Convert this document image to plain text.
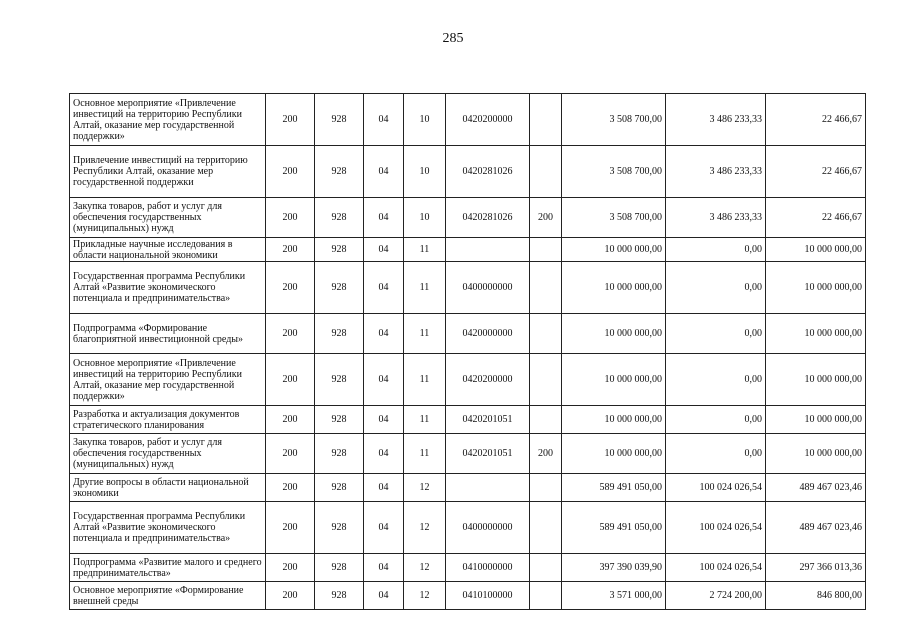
285
Основное мероприятие «Привлечение инвестиций на территорию Республики Алтай, оказание мер государственной поддержки»	200	928	04	10	0420200000		3 508 700,00	3 486 233,33	22 466,67
Привлечение инвестиций на территорию Республики Алтай, оказание мер государственной поддержки	200	928	04	10	0420281026		3 508 700,00	3 486 233,33	22 466,67
Закупка товаров, работ и услуг для обеспечения государственных (муниципальных) нужд	200	928	04	10	0420281026	200	3 508 700,00	3 486 233,33	22 466,67
Прикладные научные исследования в области национальной экономики	200	928	04	11			10 000 000,00	0,00	10 000 000,00
Государственная программа Республики Алтай «Развитие экономического потенциала и предпринимательства»	200	928	04	11	0400000000		10 000 000,00	0,00	10 000 000,00
Подпрограмма «Формирование благоприятной инвестиционной среды»	200	928	04	11	0420000000		10 000 000,00	0,00	10 000 000,00
Основное мероприятие «Привлечение инвестиций на территорию Республики Алтай, оказание мер государственной поддержки»	200	928	04	11	0420200000		10 000 000,00	0,00	10 000 000,00
Разработка и актуализация документов стратегического планирования	200	928	04	11	0420201051		10 000 000,00	0,00	10 000 000,00
Закупка товаров, работ и услуг для обеспечения государственных (муниципальных) нужд	200	928	04	11	0420201051	200	10 000 000,00	0,00	10 000 000,00
Другие вопросы в области национальной экономики	200	928	04	12			589 491 050,00	100 024 026,54	489 467 023,46
Государственная программа Республики Алтай «Развитие экономического потенциала и предпринимательства»	200	928	04	12	0400000000		589 491 050,00	100 024 026,54	489 467 023,46
Подпрограмма «Развитие малого и среднего предпринимательства»	200	928	04	12	0410000000		397 390 039,90	100 024 026,54	297 366 013,36
Основное мероприятие «Формирование внешней среды	200	928	04	12	0410100000		3 571 000,00	2 724 200,00	846 800,00
